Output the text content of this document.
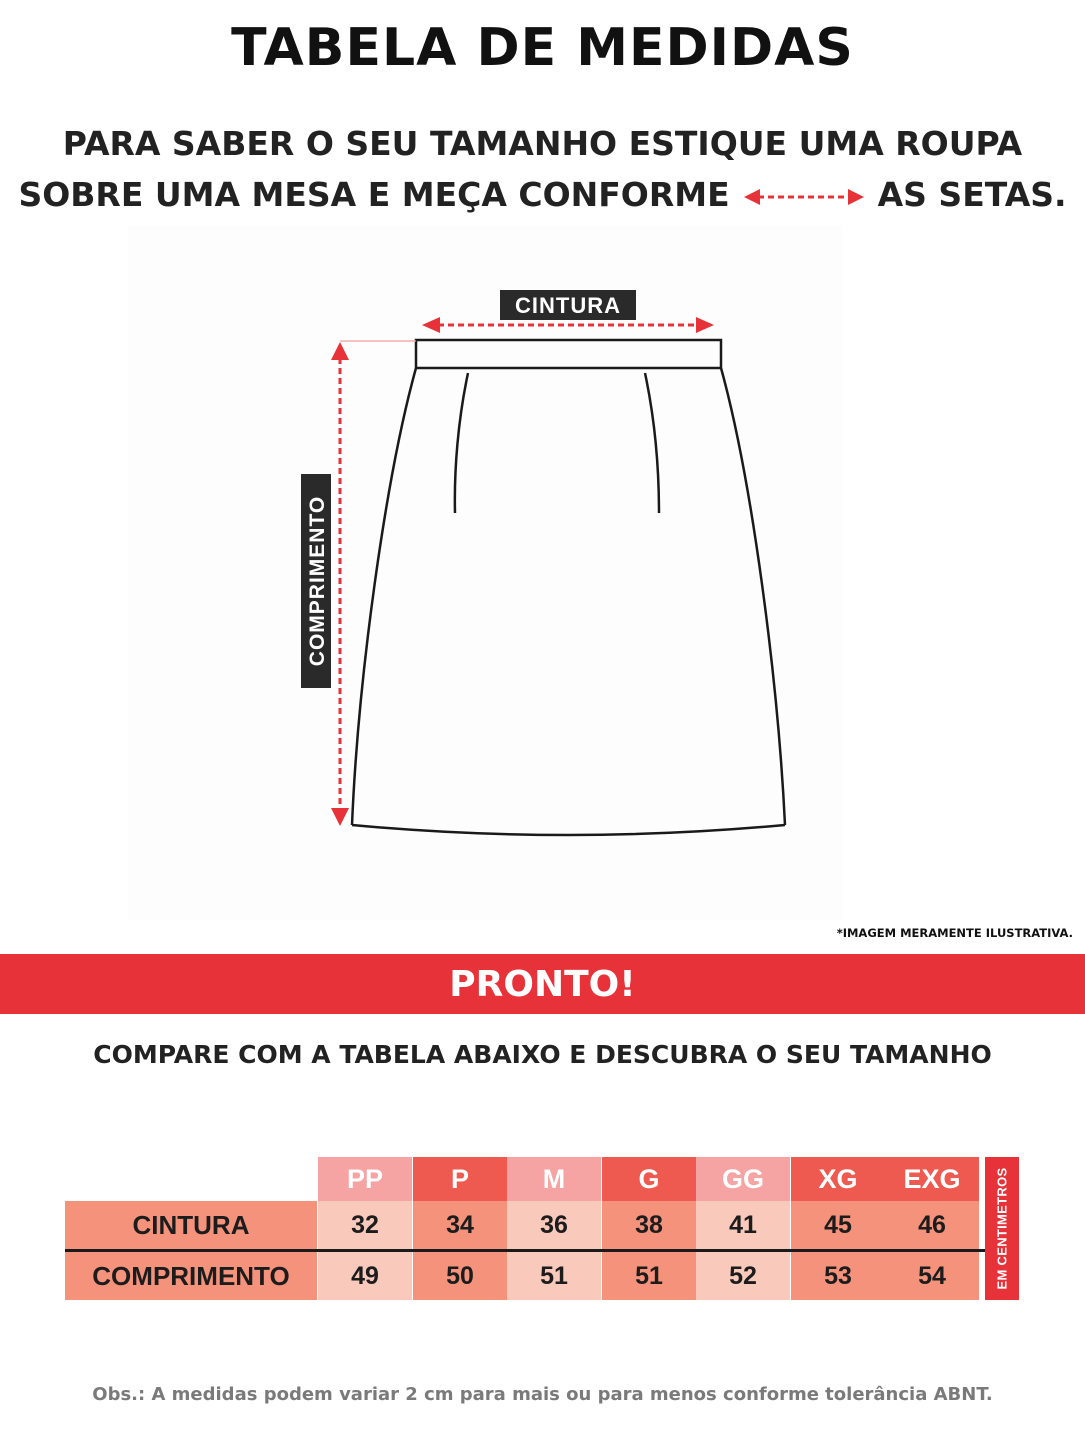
TABELA DE MEDIDAS
PARA SABER O SEU TAMANHO ESTIQUE UMA ROUPA
SOBRE UMA MESA E MEÇA CONFORME	AS SETAS.
CINTURA
COMPRIMENTO
*IMAGEM MERAMENTE ILUSTRATIVA.
PRONTO!
COMPARE COM A TABELA ABAIXO E DESCUBRA O SEU TAMANHO
CINTURA
COMPRIMENTO	EM CENTIMETROS
PP
32
49
P
34
50
M
36
51
G
38
51
GG
41
52
XG
45
53
EXG
46
54
Obs.: A medidas podem variar 2 cm para mais ou para menos conforme tolerância ABNT.
